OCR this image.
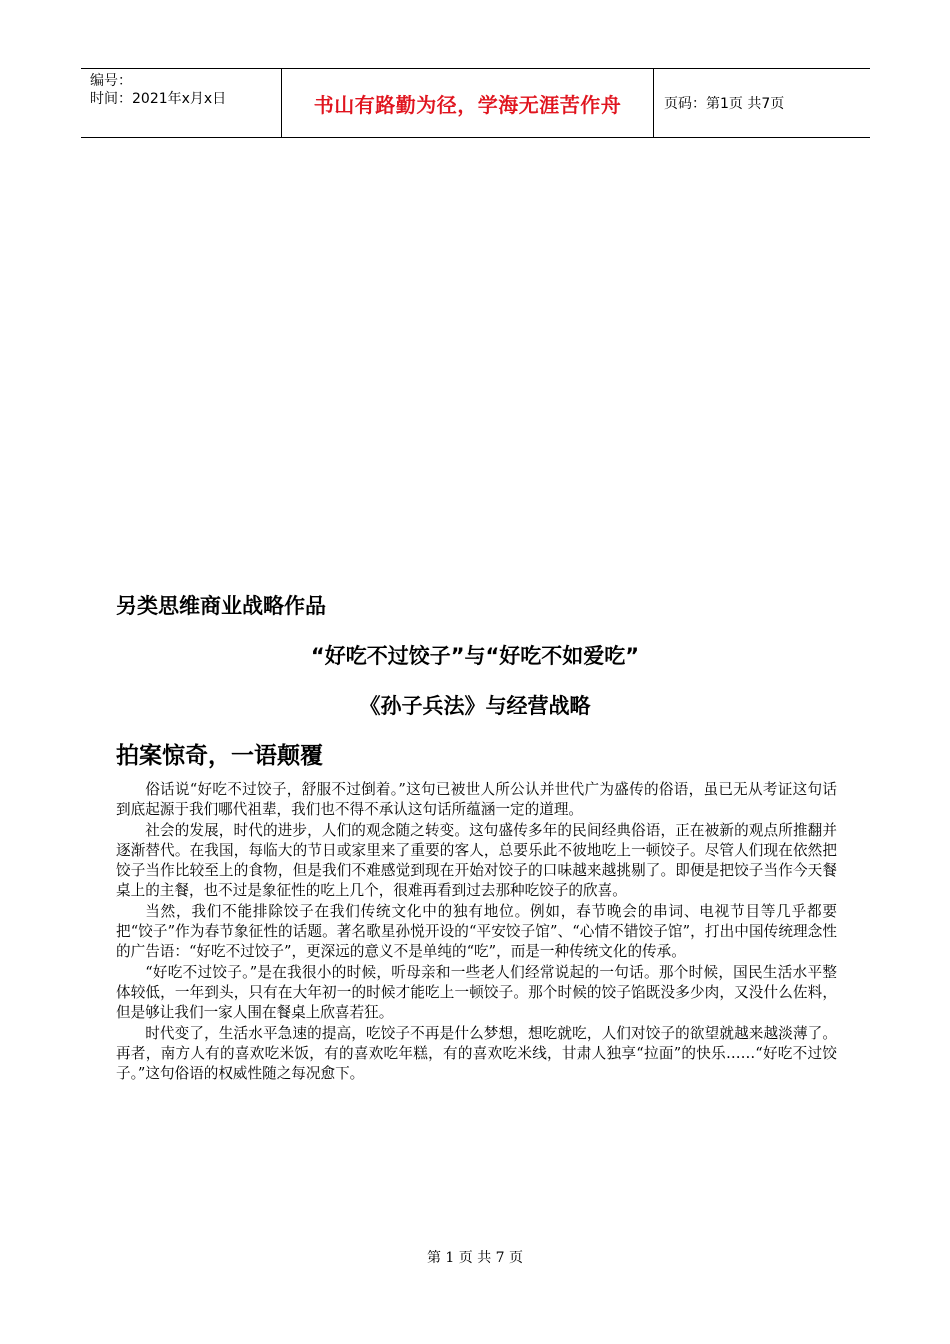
编号：
时间：2021年x月x日	书山有路勤为径，学海无涯苦作舟	页码：第1页 共7页
另类思维商业战略作品
“好吃不过饺子”与“好吃不如爱吃”
《孙子兵法》与经营战略
拍案惊奇，一语颠覆

俗话说“好吃不过饺子，舒服不过倒着。”这句已被世人所公认并世代广为盛传的俗语，虽已无从考证这句话到底起源于我们哪代祖辈，我们也不得不承认这句话所蕴涵一定的道理。

社会的发展，时代的进步，人们的观念随之转变。这句盛传多年的民间经典俗语，正在被新的观点所推翻并逐渐替代。在我国，每临大的节日或家里来了重要的客人，总要乐此不彼地吃上一顿饺子。尽管人们现在依然把饺子当作比较至上的食物，但是我们不难感觉到现在开始对饺子的口味越来越挑剔了。即便是把饺子当作今天餐桌上的主餐，也不过是象征性的吃上几个，很难再看到过去那种吃饺子的欣喜。

当然，我们不能排除饺子在我们传统文化中的独有地位。例如，春节晚会的串词、电视节目等几乎都要把“饺子”作为春节象征性的话题。著名歌星孙悦开设的“平安饺子馆”、“心情不错饺子馆”，打出中国传统理念性的广告语：“好吃不过饺子”，更深远的意义不是单纯的“吃”，而是一种传统文化的传承。

“好吃不过饺子。”是在我很小的时候，听母亲和一些老人们经常说起的一句话。那个时候，国民生活水平整体较低，一年到头，只有在大年初一的时候才能吃上一顿饺子。那个时候的饺子馅既没多少肉，又没什么佐料，但是够让我们一家人围在餐桌上欣喜若狂。

时代变了，生活水平急速的提高，吃饺子不再是什么梦想，想吃就吃，人们对饺子的欲望就越来越淡薄了。再者，南方人有的喜欢吃米饭，有的喜欢吃年糕，有的喜欢吃米线，甘肃人独享“拉面”的快乐……“好吃不过饺子。”这句俗语的权威性随之每况愈下。

第 1 页 共 7 页
